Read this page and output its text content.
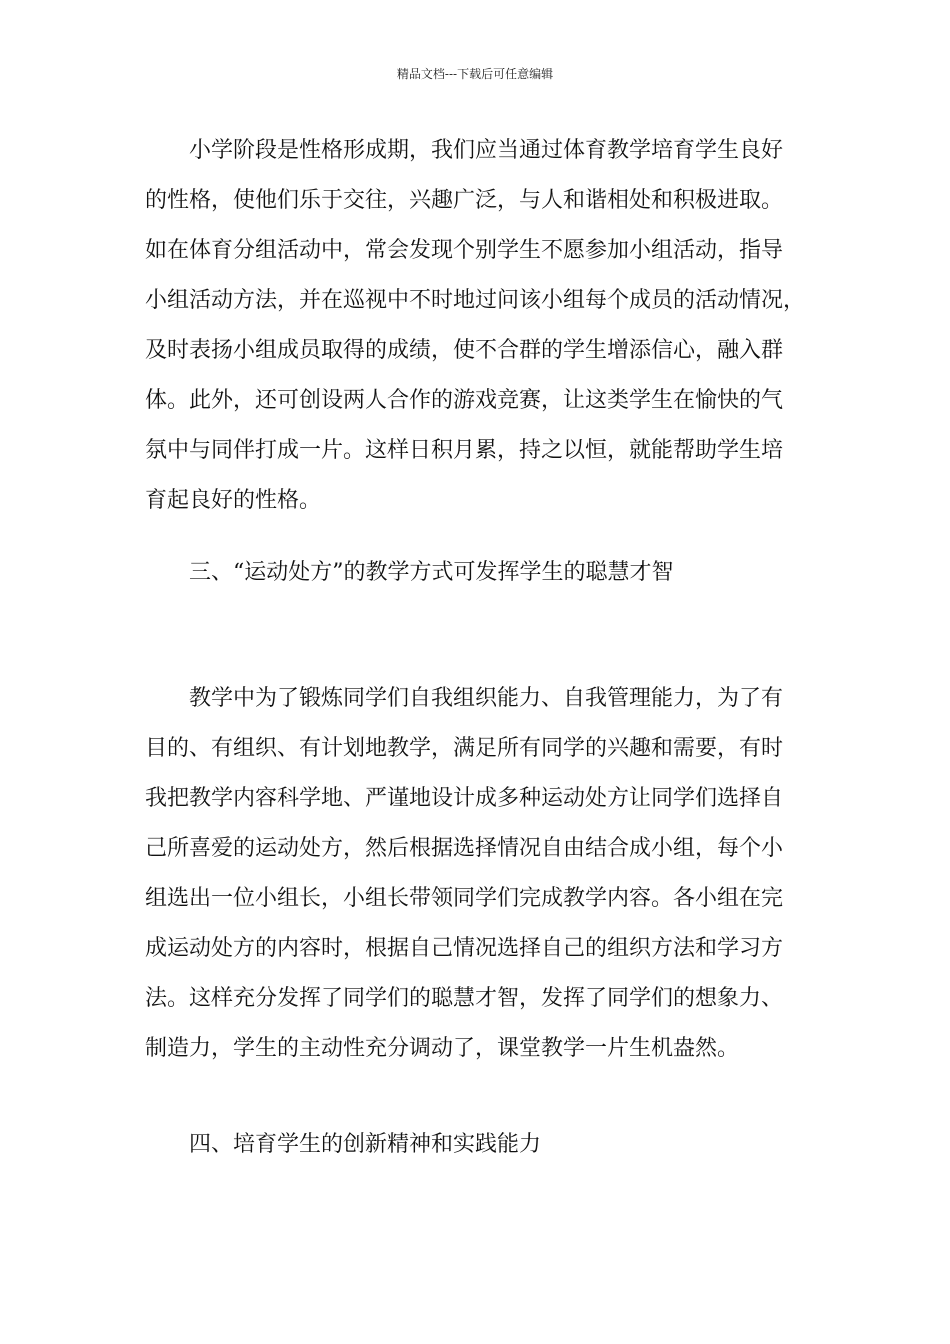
精品文档---下载后可任意编辑
小学阶段是性格形成期，我们应当通过体育教学培育学生良好
的性格，使他们乐于交往，兴趣广泛，与人和谐相处和积极进取。
如在体育分组活动中，常会发现个别学生不愿参加小组活动，指导
小组活动方法，并在巡视中不时地过问该小组每个成员的活动情况，
及时表扬小组成员取得的成绩，使不合群的学生增添信心，融入群
体。此外，还可创设两人合作的游戏竞赛，让这类学生在愉快的气
氛中与同伴打成一片。这样日积月累，持之以恒，就能帮助学生培
育起良好的性格。
三、“运动处方”的教学方式可发挥学生的聪慧才智
教学中为了锻炼同学们自我组织能力、自我管理能力，为了有
目的、有组织、有计划地教学，满足所有同学的兴趣和需要，有时
我把教学内容科学地、严谨地设计成多种运动处方让同学们选择自
己所喜爱的运动处方，然后根据选择情况自由结合成小组，每个小
组选出一位小组长，小组长带领同学们完成教学内容。各小组在完
成运动处方的内容时，根据自己情况选择自己的组织方法和学习方
法。这样充分发挥了同学们的聪慧才智，发挥了同学们的想象力、
制造力，学生的主动性充分调动了，课堂教学一片生机盎然。
四、培育学生的创新精神和实践能力
